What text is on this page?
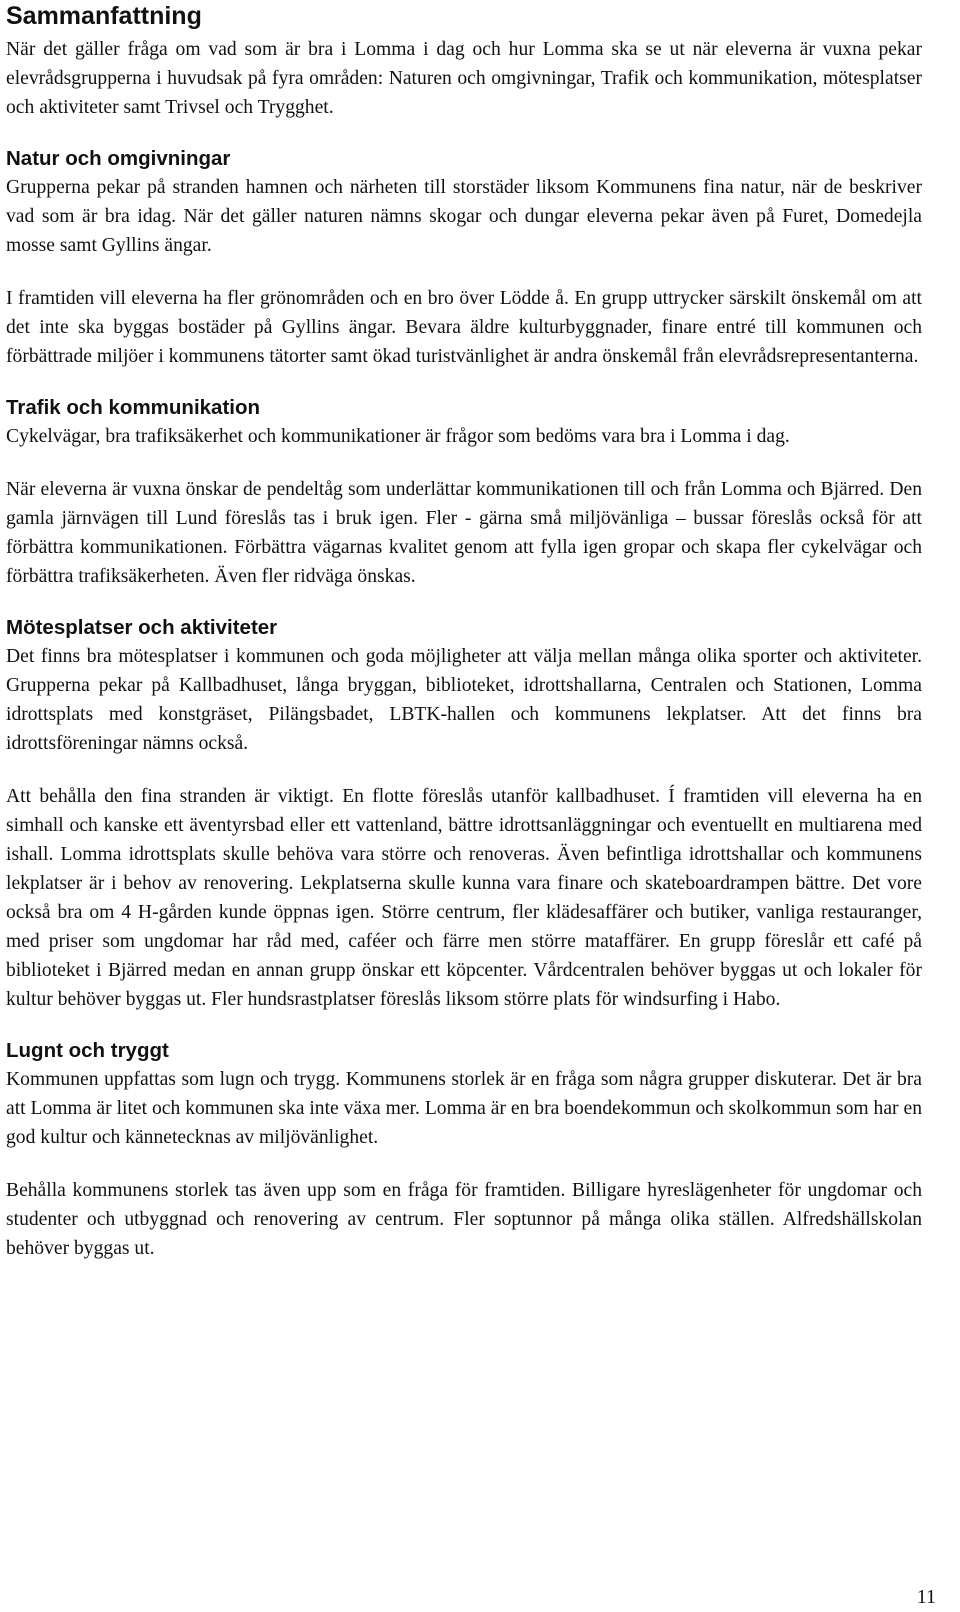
Sammanfattning

När det gäller fråga om vad som är bra i Lomma i dag och hur Lomma ska se ut när eleverna är vuxna pekar elevrådsgrupperna i huvudsak på fyra områden: Naturen och omgivningar, Trafik och kommunikation, mötesplatser och aktiviteter samt Trivsel och Trygghet.

Natur och omgivningar

Grupperna pekar på stranden hamnen och närheten till storstäder liksom Kommunens fina natur, när de beskriver vad som är bra idag. När det gäller naturen nämns skogar och dungar eleverna pekar även på Furet, Domedejla mosse samt Gyllins ängar.

I framtiden vill eleverna ha fler grönområden och en bro över Lödde å. En grupp uttrycker särskilt önskemål om att det inte ska byggas bostäder på Gyllins ängar. Bevara äldre kulturbyggnader, finare entré till kommunen och förbättrade miljöer i kommunens tätorter samt ökad turistvänlighet är andra önskemål från elevrådsrepresentanterna.

Trafik och kommunikation

Cykelvägar, bra trafiksäkerhet och kommunikationer är frågor som bedöms vara bra i Lomma i dag.

När eleverna är vuxna önskar de pendeltåg som underlättar kommunikationen till och från Lomma och Bjärred. Den gamla järnvägen till Lund föreslås tas i bruk igen. Fler - gärna små miljövänliga – bussar föreslås också för att förbättra kommunikationen. Förbättra vägarnas kvalitet genom att fylla igen gropar och skapa fler cykelvägar och förbättra trafiksäkerheten. Även fler ridväga önskas.

Mötesplatser och aktiviteter

Det finns bra mötesplatser i kommunen och goda möjligheter att välja mellan många olika sporter och aktiviteter. Grupperna pekar på Kallbadhuset, långa bryggan, biblioteket, idrottshallarna, Centralen och Stationen, Lomma idrottsplats med konstgräset, Pilängsbadet, LBTK-hallen och kommunens lekplatser. Att det finns bra idrottsföreningar nämns också.

Att behålla den fina stranden är viktigt. En flotte föreslås utanför kallbadhuset. Í framtiden vill eleverna ha en simhall och kanske ett äventyrsbad eller ett vattenland, bättre idrottsanläggningar och eventuellt en multiarena med ishall. Lomma idrottsplats skulle behöva vara större och renoveras. Även befintliga idrottshallar och kommunens lekplatser är i behov av renovering. Lekplatserna skulle kunna vara finare och skateboardrampen bättre. Det vore också bra om 4 H-gården kunde öppnas igen. Större centrum, fler klädesaffärer och butiker, vanliga restauranger, med priser som ungdomar har råd med, caféer och färre men större mataffärer. En grupp föreslår ett café på biblioteket i Bjärred medan en annan grupp önskar ett köpcenter. Vårdcentralen behöver byggas ut och lokaler för kultur behöver byggas ut. Fler hundsrastplatser föreslås liksom större plats för windsurfing i Habo.

Lugnt och tryggt

Kommunen uppfattas som lugn och trygg. Kommunens storlek är en fråga som några grupper diskuterar. Det är bra att Lomma är litet och kommunen ska inte växa mer. Lomma är en bra boendekommun och skolkommun som har en god kultur och kännetecknas av miljövänlighet.

Behålla kommunens storlek tas även upp som en fråga för framtiden. Billigare hyreslägenheter för ungdomar och studenter och utbyggnad och renovering av centrum. Fler soptunnor på många olika ställen. Alfredshällskolan behöver byggas ut.

11
